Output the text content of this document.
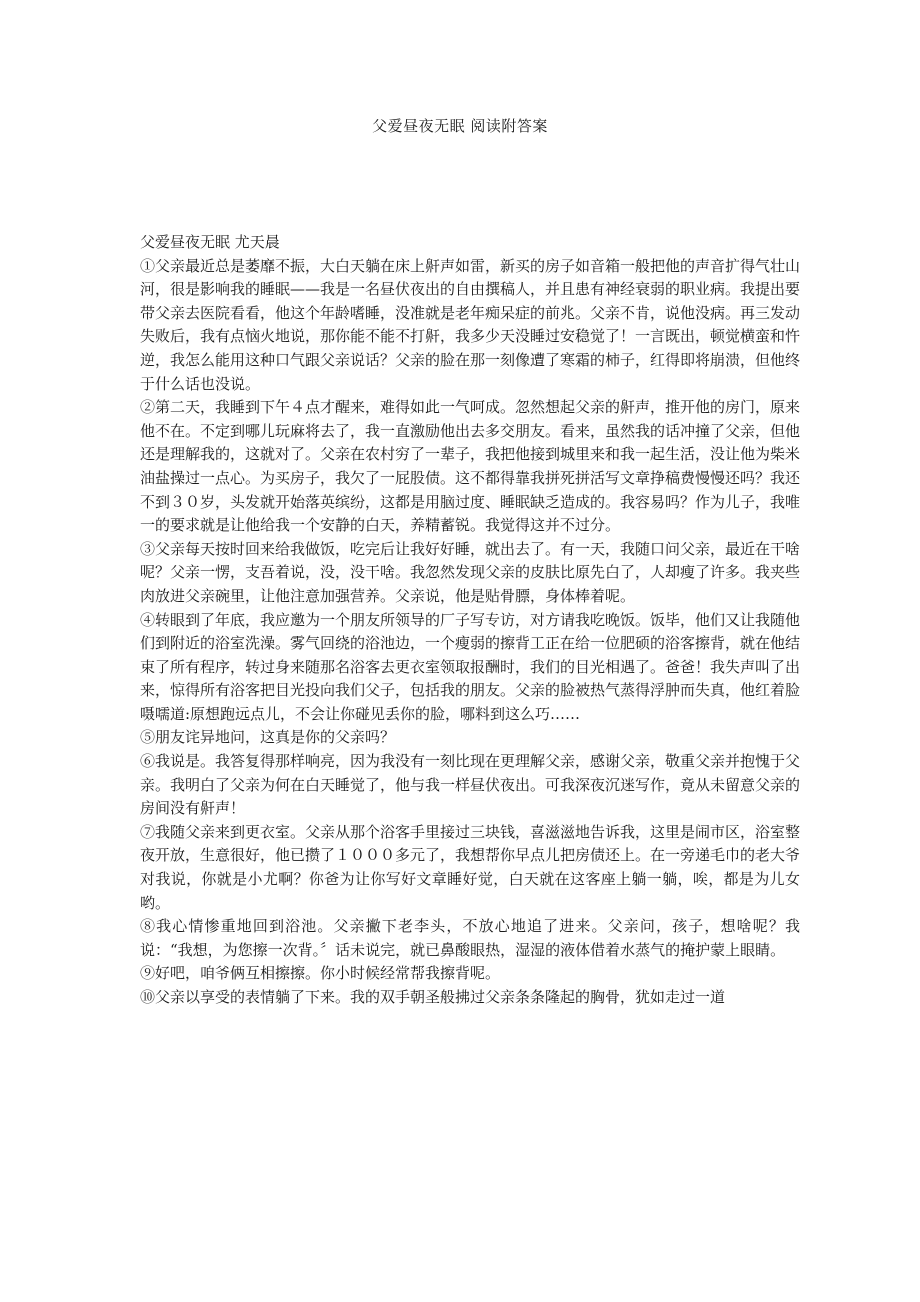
父爱昼夜无眠 阅读附答案

父爱昼夜无眠 尤天晨

①父亲最近总是萎靡不振，大白天躺在床上鼾声如雷，新买的房子如音箱一般把他的声音扩得气壮山河，很是影响我的睡眠——我是一名昼伏夜出的自由撰稿人，并且患有神经衰弱的职业病。我提出要带父亲去医院看看，他这个年龄嗜睡，没准就是老年痴呆症的前兆。父亲不肯，说他没病。再三发动失败后，我有点恼火地说，那你能不能不打鼾，我多少天没睡过安稳觉了！一言既出，顿觉横蛮和忤逆，我怎么能用这种口气跟父亲说话？父亲的脸在那一刻像遭了寒霜的柿子，红得即将崩溃，但他终于什么话也没说。

②第二天，我睡到下午４点才醒来，难得如此一气呵成。忽然想起父亲的鼾声，推开他的房门，原来他不在。不定到哪儿玩麻将去了，我一直激励他出去多交朋友。看来，虽然我的话冲撞了父亲，但他还是理解我的，这就对了。父亲在农村穷了一辈子，我把他接到城里来和我一起生活，没让他为柴米油盐操过一点心。为买房子，我欠了一屁股债。这不都得靠我拼死拼活写文章挣稿费慢慢还吗？我还不到３０岁，头发就开始落英缤纷，这都是用脑过度、睡眠缺乏造成的。我容易吗？作为儿子，我唯一的要求就是让他给我一个安静的白天，养精蓄锐。我觉得这并不过分。

③父亲每天按时回来给我做饭，吃完后让我好好睡，就出去了。有一天，我随口问父亲，最近在干啥呢？父亲一愣，支吾着说，没，没干啥。我忽然发现父亲的皮肤比原先白了，人却瘦了许多。我夹些肉放进父亲碗里，让他注意加强营养。父亲说，他是贴骨膘，身体棒着呢。

④转眼到了年底，我应邀为一个朋友所领导的厂子写专访，对方请我吃晚饭。饭毕，他们又让我随他们到附近的浴室洗澡。雾气回绕的浴池边，一个瘦弱的擦背工正在给一位肥硕的浴客擦背，就在他结束了所有程序，转过身来随那名浴客去更衣室领取报酬时，我们的目光相遇了。爸爸！我失声叫了出来，惊得所有浴客把目光投向我们父子，包括我的朋友。父亲的脸被热气蒸得浮肿而失真，他红着脸嗫嚅道:原想跑远点儿，不会让你碰见丢你的脸，哪料到这么巧……

⑤朋友诧异地问，这真是你的父亲吗？

⑥我说是。我答复得那样响亮，因为我没有一刻比现在更理解父亲，感谢父亲，敬重父亲并抱愧于父亲。我明白了父亲为何在白天睡觉了，他与我一样昼伏夜出。可我深夜沉迷写作，竟从未留意父亲的房间没有鼾声！

⑦我随父亲来到更衣室。父亲从那个浴客手里接过三块钱，喜滋滋地告诉我，这里是闹市区，浴室整夜开放，生意很好，他已攒了１０００多元了，我想帮你早点儿把房债还上。在一旁递毛巾的老大爷对我说，你就是小尤啊？你爸为让你写好文章睡好觉，白天就在这客座上躺一躺，唉，都是为儿女哟。

⑧我心情惨重地回到浴池。父亲撇下老李头，不放心地追了进来。父亲问，孩子，想啥呢？我说：“我想，为您擦一次背。〞话未说完，就已鼻酸眼热，湿湿的液体借着水蒸气的掩护蒙上眼睛。

⑨好吧，咱爷俩互相擦擦。你小时候经常帮我擦背呢。

⑩父亲以享受的表情躺了下来。我的双手朝圣般拂过父亲条条隆起的胸骨，犹如走过一道
